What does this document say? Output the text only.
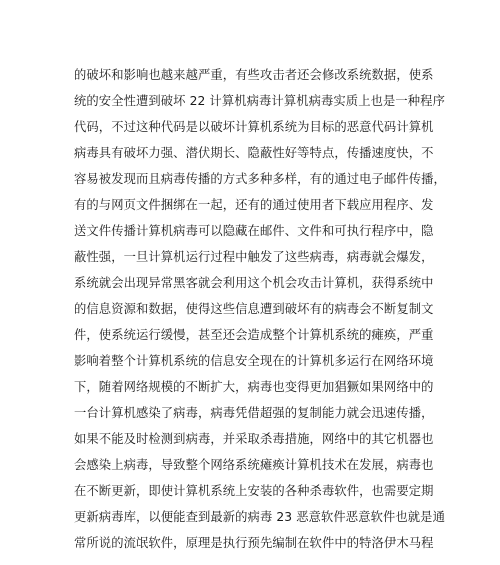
的破坏和影响也越来越严重，有些攻击者还会修改系统数据，使系
统的安全性遭到破坏 22 计算机病毒计算机病毒实质上也是一种程序
代码，不过这种代码是以破坏计算机系统为目标的恶意代码计算机
病毒具有破坏力强、潜伏期长、隐蔽性好等特点，传播速度快，不
容易被发现而且病毒传播的方式多种多样，有的通过电子邮件传播，
有的与网页文件捆绑在一起，还有的通过使用者下载应用程序、发
送文件传播计算机病毒可以隐藏在邮件、文件和可执行程序中，隐
蔽性强，一旦计算机运行过程中触发了这些病毒，病毒就会爆发，
系统就会出现异常黑客就会利用这个机会攻击计算机，获得系统中
的信息资源和数据，使得这些信息遭到破坏有的病毒会不断复制文
件，使系统运行缓慢，甚至还会造成整个计算机系统的瘫痪，严重
影响着整个计算机系统的信息安全现在的计算机多运行在网络环境
下，随着网络规模的不断扩大，病毒也变得更加猖獗如果网络中的
一台计算机感染了病毒，病毒凭借超强的复制能力就会迅速传播，
如果不能及时检测到病毒，并采取杀毒措施，网络中的其它机器也
会感染上病毒，导致整个网络系统瘫痪计算机技术在发展，病毒也
在不断更新，即使计算机系统上安装的各种杀毒软件，也需要定期
更新病毒库，以便能查到最新的病毒 23 恶意软件恶意软件也就是通
常所说的流氓软件，原理是执行预先编制在软件中的特洛伊木马程
